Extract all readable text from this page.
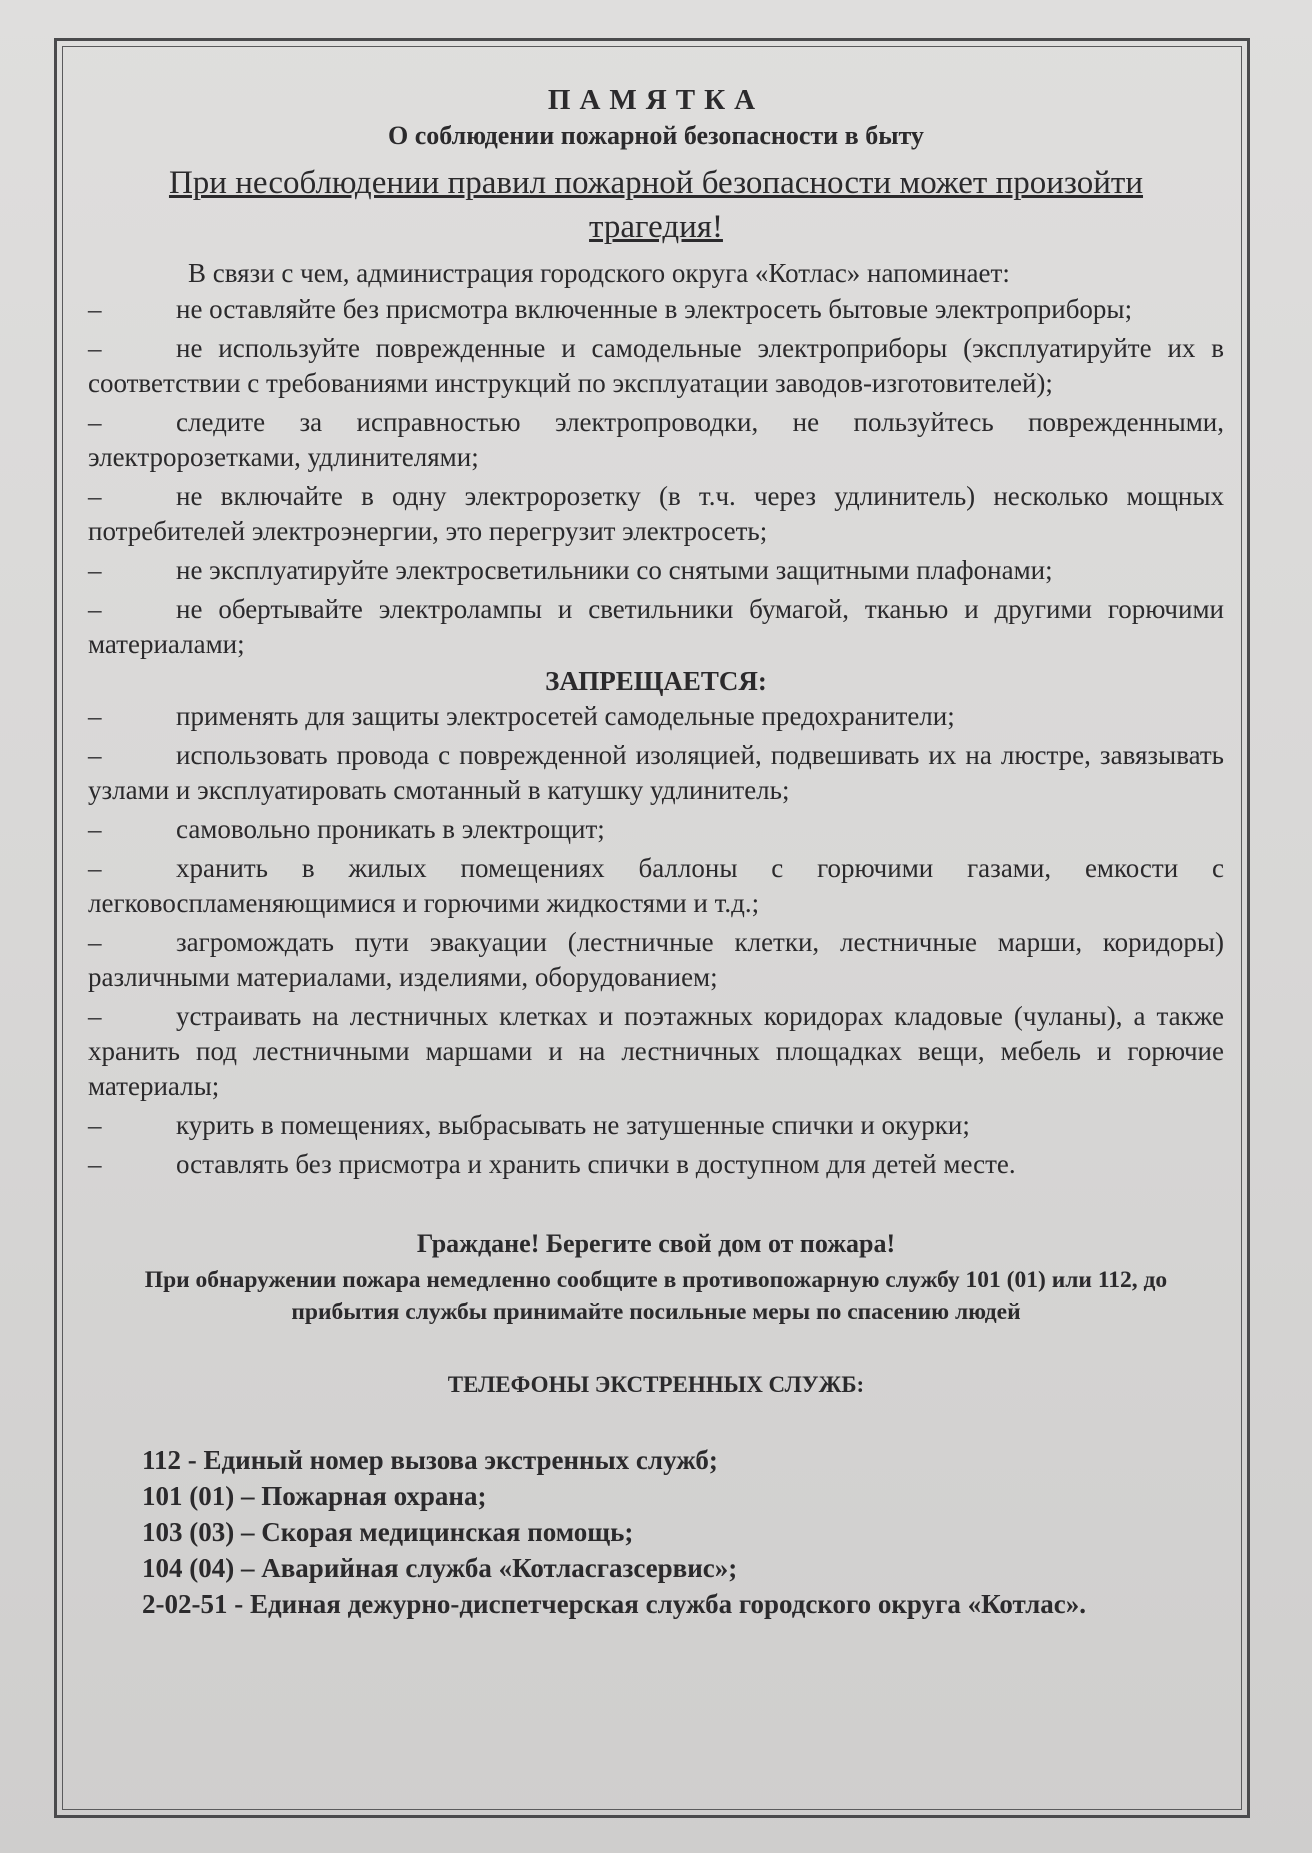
ПАМЯТКА
О соблюдении пожарной безопасности в быту
При несоблюдении правил пожарной безопасности может произойти трагедия!
В связи с чем, администрация городского округа «Котлас» напоминает:
–	не оставляйте без присмотра включенные в электросеть бытовые электроприборы;
–	не используйте поврежденные и самодельные электроприборы (эксплуатируйте их в соответствии с требованиями инструкций по эксплуатации заводов-изготовителей);
–	следите за исправностью электропроводки, не пользуйтесь поврежденными, электророзетками, удлинителями;
–	не включайте в одну электророзетку (в т.ч. через удлинитель) несколько мощных потребителей электроэнергии, это перегрузит электросеть;
–	не эксплуатируйте электросветильники со снятыми защитными плафонами;
–	не обертывайте электролампы и светильники бумагой, тканью и другими горючими материалами;
ЗАПРЕЩАЕТСЯ:
–	применять для защиты электросетей самодельные предохранители;
–	использовать провода с поврежденной изоляцией, подвешивать их на люстре, завязывать узлами и эксплуатировать смотанный в катушку удлинитель;
–	самовольно проникать в электрощит;
–	хранить в жилых помещениях баллоны с горючими газами, емкости с легковоспламеняющимися и горючими жидкостями и т.д.;
–	загромождать пути эвакуации (лестничные клетки, лестничные марши, коридоры) различными материалами, изделиями, оборудованием;
–	устраивать на лестничных клетках и поэтажных коридорах кладовые (чуланы), а также хранить под лестничными маршами и на лестничных площадках вещи, мебель и горючие материалы;
–	курить в помещениях, выбрасывать не затушенные спички и окурки;
–	оставлять без присмотра и хранить спички в доступном для детей месте.
Граждане! Берегите свой дом от пожара!
При обнаружении пожара немедленно сообщите в противопожарную службу 101 (01) или 112, до прибытия службы принимайте посильные меры по спасению людей
ТЕЛЕФОНЫ ЭКСТРЕННЫХ СЛУЖБ:
112 - Единый номер вызова экстренных служб;
101 (01) – Пожарная охрана;
103 (03) – Скорая медицинская помощь;
104 (04) – Аварийная служба «Котласгазсервис»;
2-02-51 - Единая дежурно-диспетчерская служба городского округа «Котлас».
